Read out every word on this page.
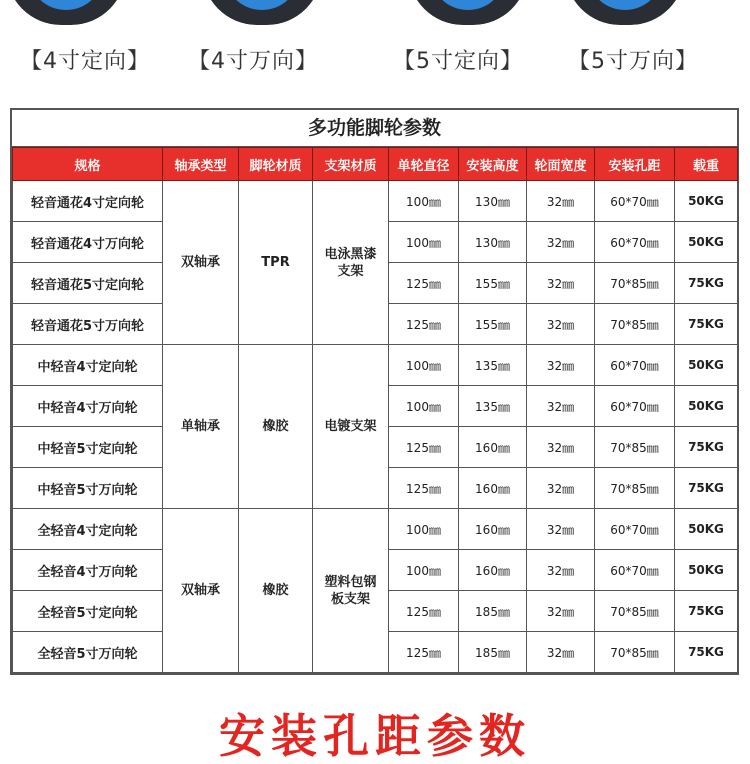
【4寸定向】 【4寸万向】	【5寸定向】 【5寸万向】
多功能脚轮参数
规格	轴承类型	脚轮材质	支架材质	单轮直径	安装高度	轮面宽度	安装孔距	载重
轻音通花4寸定向轮	双轴承	TPR	电泳黑漆支架	100㎜	130㎜	32㎜	60*70㎜	50KG
轻音通花4寸万向轮				100㎜	130㎜	32㎜	60*70㎜	50KG
轻音通花5寸定向轮				125㎜	155㎜	32㎜	70*85㎜	75KG
轻音通花5寸万向轮				125㎜	155㎜	32㎜	70*85㎜	75KG
中轻音4寸定向轮	单轴承	橡胶	电镀支架	100㎜	135㎜	32㎜	60*70㎜	50KG
中轻音4寸万向轮				100㎜	135㎜	32㎜	60*70㎜	50KG
中轻音5寸定向轮				125㎜	160㎜	32㎜	70*85㎜	75KG
中轻音5寸万向轮				125㎜	160㎜	32㎜	70*85㎜	75KG
全轻音4寸定向轮	双轴承	橡胶	塑料包钢板支架	100㎜	160㎜	32㎜	60*70㎜	50KG
全轻音4寸万向轮				100㎜	160㎜	32㎜	60*70㎜	50KG
全轻音5寸定向轮				125㎜	185㎜	32㎜	70*85㎜	75KG
全轻音5寸万向轮				125㎜	185㎜	32㎜	70*85㎜	75KG
安装孔距参数
